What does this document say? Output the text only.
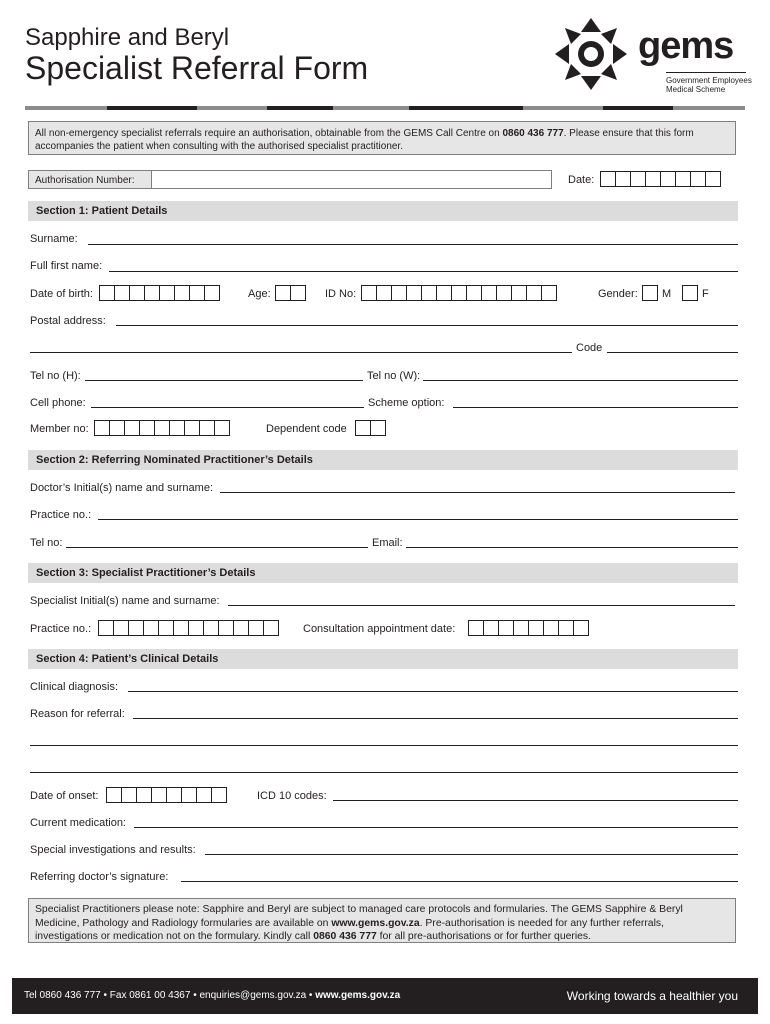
Sapphire and Beryl
Specialist Referral Form
gems
Government Employees
Medical Scheme
All non-emergency specialist referrals require an authorisation, obtainable from the GEMS Call Centre on 0860 436 777. Please ensure that this form accompanies the patient when consulting with the authorised specialist practitioner.
Authorisation Number:	Date:
Section 1: Patient Details
Surname:
Full first name:
Date of birth:	Age:	ID No:	Gender: M	F
Postal address:
Code
Tel no (H):	Tel no (W):
Cell phone:	Scheme option:
Member no:	Dependent code
Section 2: Referring Nominated Practitioner’s Details
Doctor’s Initial(s) name and surname:
Practice no.:
Tel no:	Email:
Section 3: Specialist Practitioner’s Details
Specialist Initial(s) name and surname:
Practice no.:	Consultation appointment date:
Section 4: Patient’s Clinical Details
Clinical diagnosis:
Reason for referral:
Date of onset:	ICD 10 codes:
Current medication:
Special investigations and results:
Referring doctor’s signature:
Specialist Practitioners please note: Sapphire and Beryl are subject to managed care protocols and formularies. The GEMS Sapphire & Beryl Medicine, Pathology and Radiology formularies are available on www.gems.gov.za. Pre-authorisation is needed for any further referrals, investigations or medication not on the formulary. Kindly call 0860 436 777 for all pre-authorisations or for further queries.
Tel 0860 436 777 • Fax 0861 00 4367 • enquiries@gems.gov.za • www.gems.gov.za	Working towards a healthier you
